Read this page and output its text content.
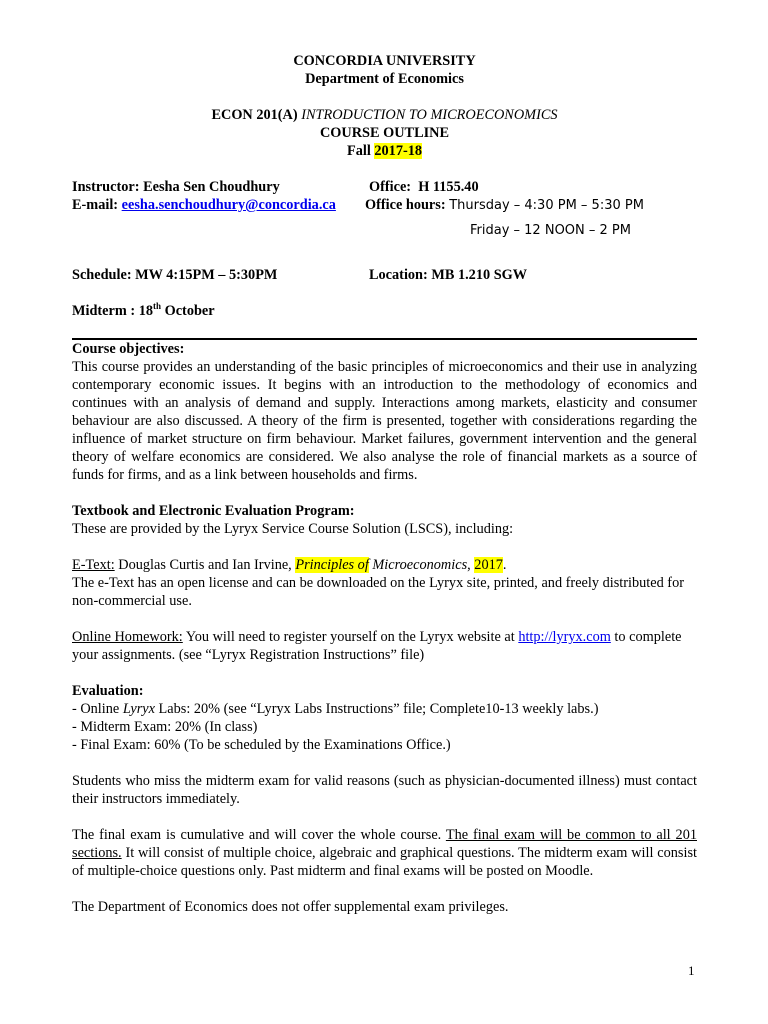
CONCORDIA UNIVERSITY
Department of Economics
ECON 201(A) INTRODUCTION TO MICROECONOMICS
COURSE OUTLINE
Fall 2017-18
Instructor: Eesha Sen Choudhury	Office: H 1155.40
E-mail: eesha.senchoudhury@concordia.ca Office hours: Thursday – 4:30 PM – 5:30 PM
Friday – 12 NOON – 2 PM
Schedule: MW 4:15PM – 5:30PM	Location: MB 1.210 SGW
Midterm : 18th October
Course objectives:

This course provides an understanding of the basic principles of microeconomics and their use in analyzing contemporary economic issues. It begins with an introduction to the methodology of economics and continues with an analysis of demand and supply. Interactions among markets, elasticity and consumer behaviour are also discussed. A theory of the firm is presented, together with considerations regarding the influence of market structure on firm behaviour. Market failures, government intervention and the general theory of welfare economics are considered. We also analyse the role of financial markets as a source of funds for firms, and as a link between households and firms.

Textbook and Electronic Evaluation Program:

These are provided by the Lyryx Service Course Solution (LSCS), including:

E-Text: Douglas Curtis and Ian Irvine, Principles of Microeconomics, 2017.

The e-Text has an open license and can be downloaded on the Lyryx site, printed, and freely distributed for non-commercial use.

Online Homework: You will need to register yourself on the Lyryx website at http://lyryx.com to complete your assignments. (see “Lyryx Registration Instructions” file)

Evaluation:

- Online Lyryx Labs: 20% (see “Lyryx Labs Instructions” file; Complete10-13 weekly labs.)

- Midterm Exam: 20% (In class)

- Final Exam: 60% (To be scheduled by the Examinations Office.)

Students who miss the midterm exam for valid reasons (such as physician-documented illness) must contact their instructors immediately.

The final exam is cumulative and will cover the whole course. The final exam will be common to all 201 sections. It will consist of multiple choice, algebraic and graphical questions. The midterm exam will consist of multiple-choice questions only. Past midterm and final exams will be posted on Moodle.

The Department of Economics does not offer supplemental exam privileges.

1
